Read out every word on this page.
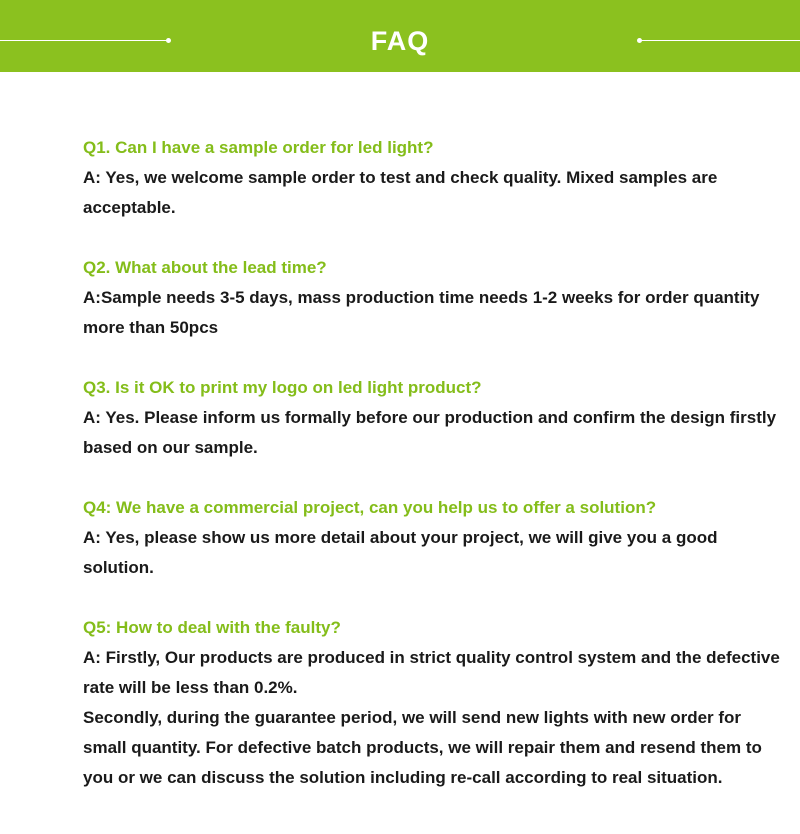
FAQ

Q1. Can I have a sample order for led light?

A: Yes, we welcome sample order to test and check quality. Mixed samples are acceptable.

Q2. What about the lead time?

A:Sample needs 3-5 days, mass production time needs 1-2 weeks for order quantity more than 50pcs

Q3. Is it OK to print my logo on led light product?

A: Yes. Please inform us formally before our production and confirm the design firstly based on our sample.

Q4: We have a commercial project, can you help us to offer a solution?

A: Yes, please show us more detail about your project, we will give you a good solution.

Q5: How to deal with the faulty?

A: Firstly, Our products are produced in strict quality control system and the defective rate will be less than 0.2%.

Secondly, during the guarantee period, we will send new lights with new order for small quantity. For defective batch products, we will repair them and resend them to you or we can discuss the solution including re-call according to real situation.
